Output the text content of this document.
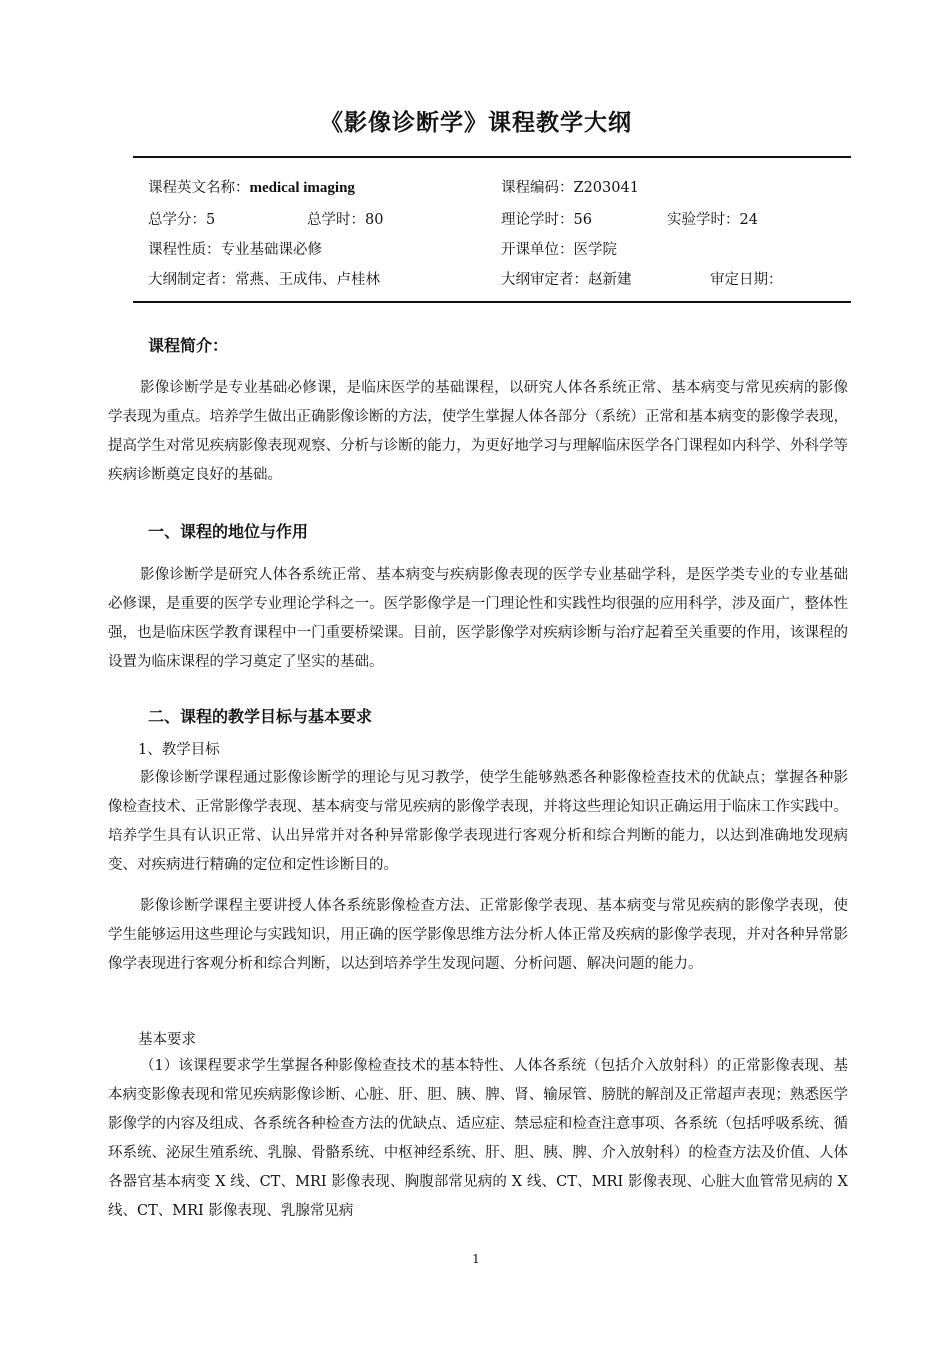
《影像诊断学》课程教学大纲
课程英文名称：medical imaging	课程编码：Z203041
总学分：5	总学时：80	理论学时：56	实验学时：24
课程性质：专业基础课必修	开课单位：医学院
大纲制定者：常燕、王成伟、卢桂林	大纲审定者：赵新建	审定日期：
课程简介：
影像诊断学是专业基础必修课，是临床医学的基础课程，以研究人体各系统正常、基本病变与常见疾病的影像学表现为重点。培养学生做出正确影像诊断的方法，使学生掌握人体各部分（系统）正常和基本病变的影像学表现，提高学生对常见疾病影像表现观察、分析与诊断的能力，为更好地学习与理解临床医学各门课程如内科学、外科学等疾病诊断奠定良好的基础。
一、课程的地位与作用
影像诊断学是研究人体各系统正常、基本病变与疾病影像表现的医学专业基础学科，是医学类专业的专业基础必修课，是重要的医学专业理论学科之一。医学影像学是一门理论性和实践性均很强的应用科学，涉及面广，整体性强，也是临床医学教育课程中一门重要桥梁课。目前，医学影像学对疾病诊断与治疗起着至关重要的作用，该课程的设置为临床课程的学习奠定了坚实的基础。
二、课程的教学目标与基本要求
1、教学目标
影像诊断学课程通过影像诊断学的理论与见习教学，使学生能够熟悉各种影像检查技术的优缺点；掌握各种影像检查技术、正常影像学表现、基本病变与常见疾病的影像学表现，并将这些理论知识正确运用于临床工作实践中。培养学生具有认识正常、认出异常并对各种异常影像学表现进行客观分析和综合判断的能力，以达到准确地发现病变、对疾病进行精确的定位和定性诊断目的。
影像诊断学课程主要讲授人体各系统影像检查方法、正常影像学表现、基本病变与常见疾病的影像学表现，使学生能够运用这些理论与实践知识，用正确的医学影像思维方法分析人体正常及疾病的影像学表现，并对各种异常影像学表现进行客观分析和综合判断，以达到培养学生发现问题、分析问题、解决问题的能力。
基本要求
（1）该课程要求学生掌握各种影像检查技术的基本特性、人体各系统（包括介入放射科）的正常影像表现、基本病变影像表现和常见疾病影像诊断、心脏、肝、胆、胰、脾、肾、输尿管、膀胱的解剖及正常超声表现；熟悉医学影像学的内容及组成、各系统各种检查方法的优缺点、适应症、禁忌症和检查注意事项、各系统（包括呼吸系统、循环系统、泌尿生殖系统、乳腺、骨骼系统、中枢神经系统、肝、胆、胰、脾、介入放射科）的检查方法及价值、人体各器官基本病变 X 线、CT、MRI 影像表现、胸腹部常见病的 X 线、CT、MRI 影像表现、心脏大血管常见病的 X 线、CT、MRI 影像表现、乳腺常见病
1
